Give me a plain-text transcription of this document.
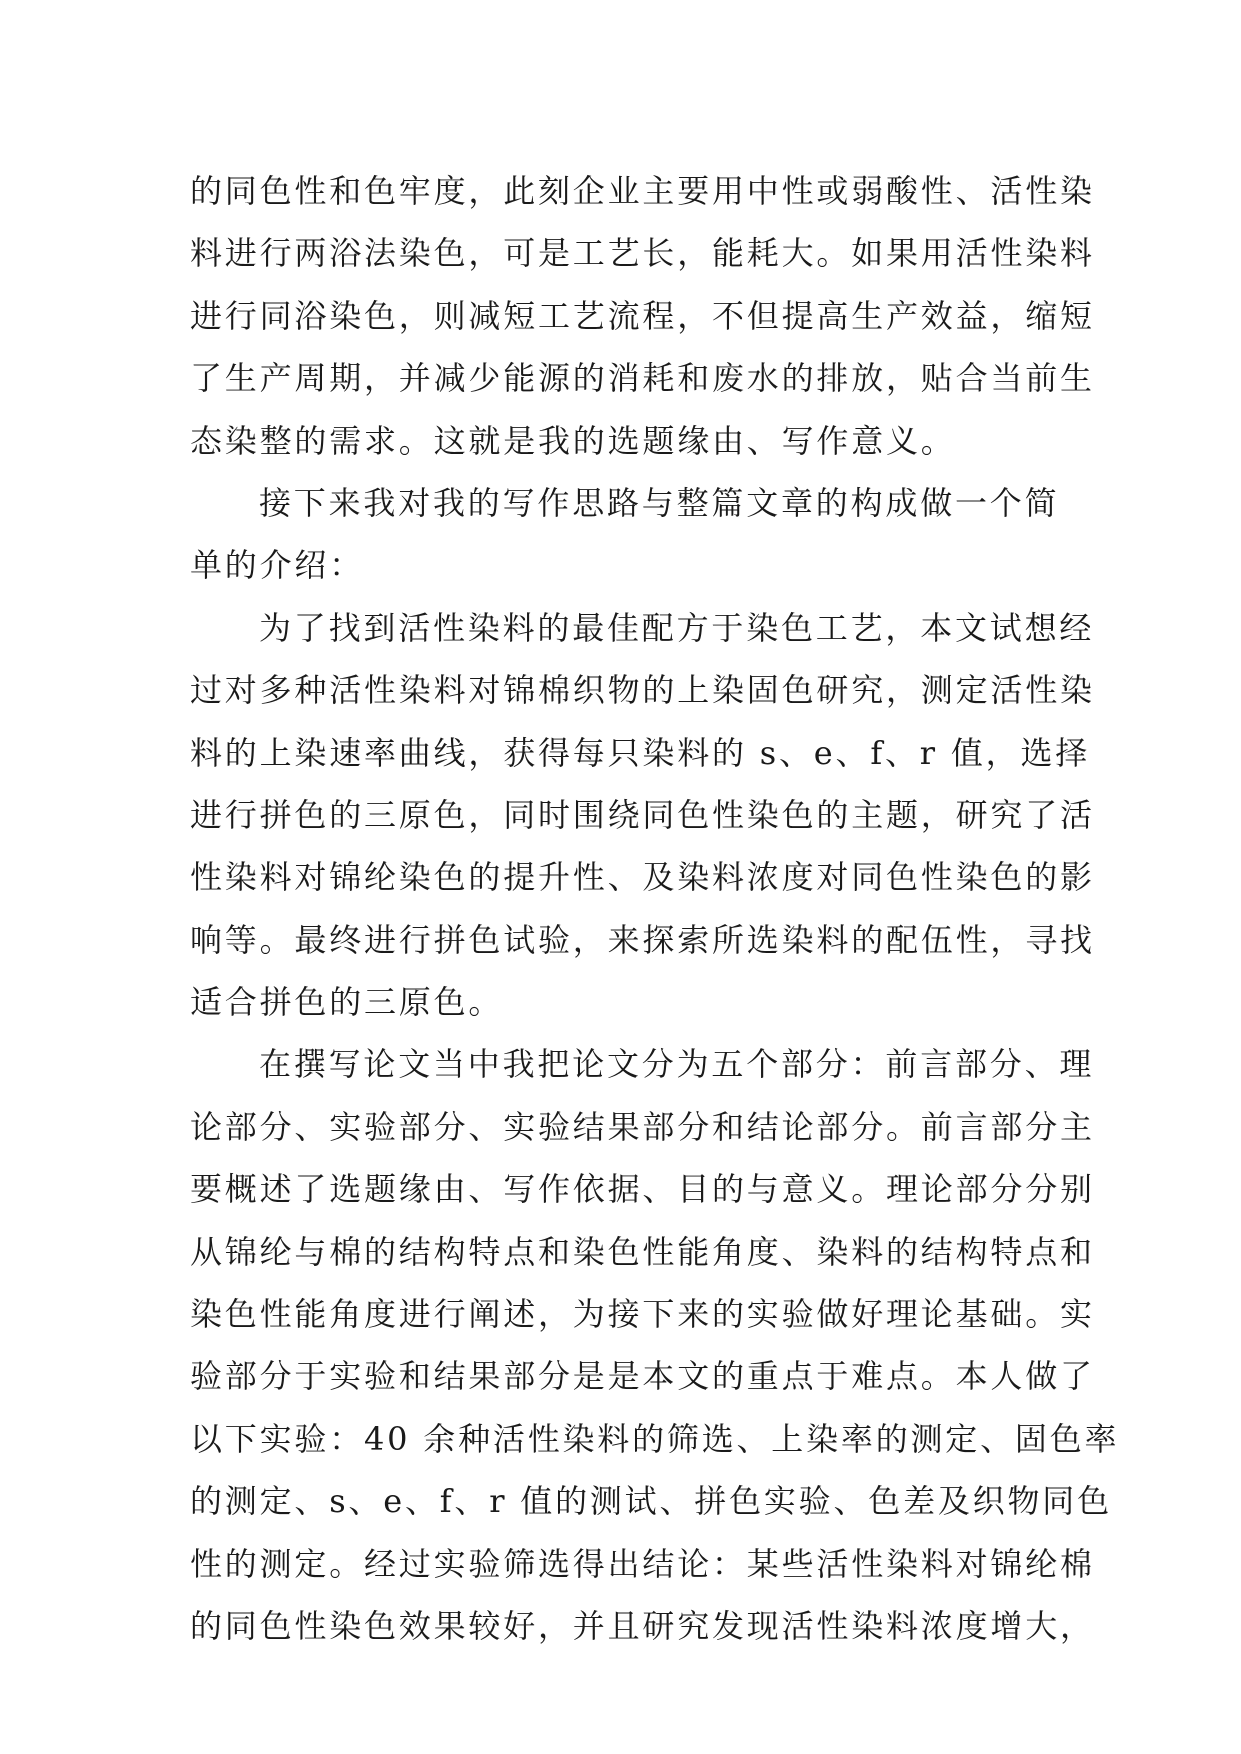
的同色性和色牢度，此刻企业主要用中性或弱酸性、活性染
料进行两浴法染色，可是工艺长，能耗大。如果用活性染料
进行同浴染色，则减短工艺流程，不但提高生产效益，缩短
了生产周期，并减少能源的消耗和废水的排放，贴合当前生
态染整的需求。这就是我的选题缘由、写作意义。
接下来我对我的写作思路与整篇文章的构成做一个简
单的介绍：
为了找到活性染料的最佳配方于染色工艺，本文试想经
过对多种活性染料对锦棉织物的上染固色研究，测定活性染
料的上染速率曲线，获得每只染料的 s、e、f、r 值，选择
进行拼色的三原色，同时围绕同色性染色的主题，研究了活
性染料对锦纶染色的提升性、及染料浓度对同色性染色的影
响等。最终进行拼色试验，来探索所选染料的配伍性，寻找
适合拼色的三原色。
在撰写论文当中我把论文分为五个部分：前言部分、理
论部分、实验部分、实验结果部分和结论部分。前言部分主
要概述了选题缘由、写作依据、目的与意义。理论部分分别
从锦纶与棉的结构特点和染色性能角度、染料的结构特点和
染色性能角度进行阐述，为接下来的实验做好理论基础。实
验部分于实验和结果部分是是本文的重点于难点。本人做了
以下实验：40 余种活性染料的筛选、上染率的测定、固色率
的测定、s、e、f、r 值的测试、拼色实验、色差及织物同色
性的测定。经过实验筛选得出结论：某些活性染料对锦纶棉
的同色性染色效果较好，并且研究发现活性染料浓度增大，
